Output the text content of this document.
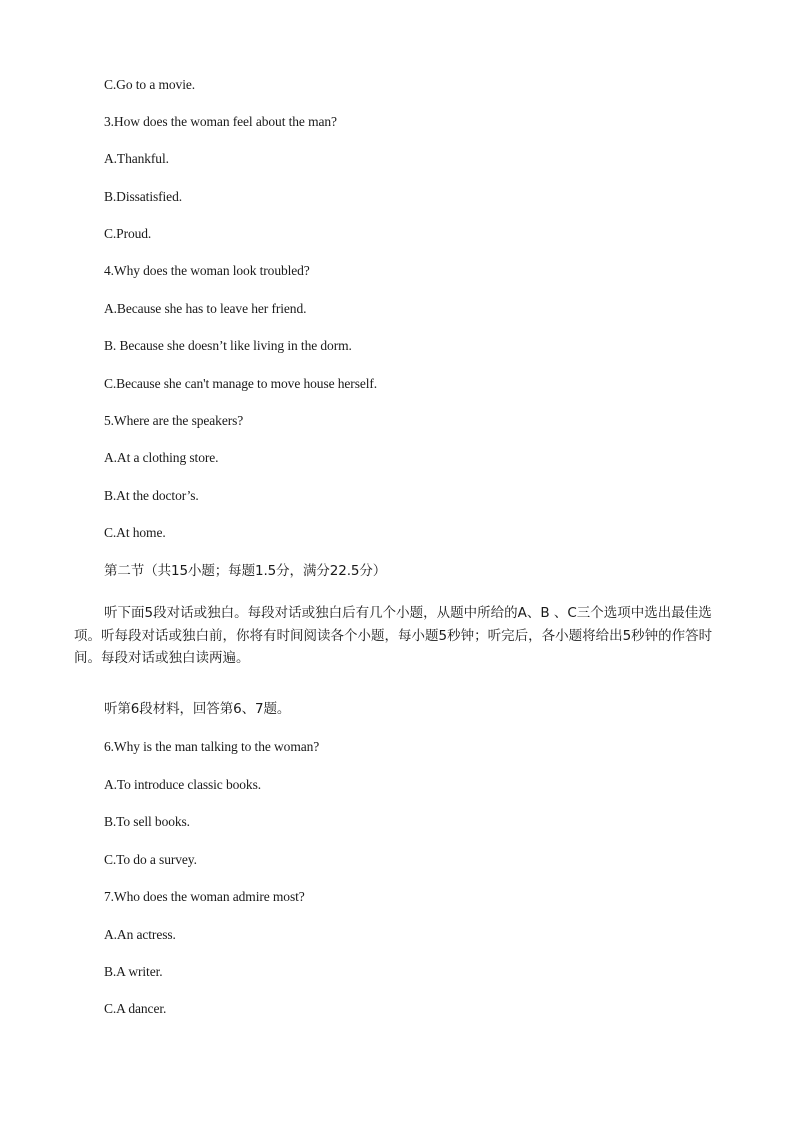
C.Go to a movie.
3.How does the woman feel about the man?
A.Thankful.
B.Dissatisfied.
C.Proud.
4.Why does the woman look troubled?
A.Because she has to leave her friend.
B. Because she doesn’t like living in the dorm.
C.Because she can't manage to move house herself.
5.Where are the speakers?
A.At a clothing store.
B.At the doctor’s.
C.At home.
第二节（共15小题；每题1.5分，满分22.5分）
听下面5段对话或独白。每段对话或独白后有几个小题，从题中所给的A、B 、C三个选项中选出最佳选项。听每段对话或独白前，你将有时间阅读各个小题，每小题5秒钟；听完后，各小题将给出5秒钟的作答时间。每段对话或独白读两遍。
听第6段材料，回答第6、7题。
6.Why is the man talking to the woman?
A.To introduce classic books.
B.To sell books.
C.To do a survey.
7.Who does the woman admire most?
A.An actress.
B.A writer.
C.A dancer.
